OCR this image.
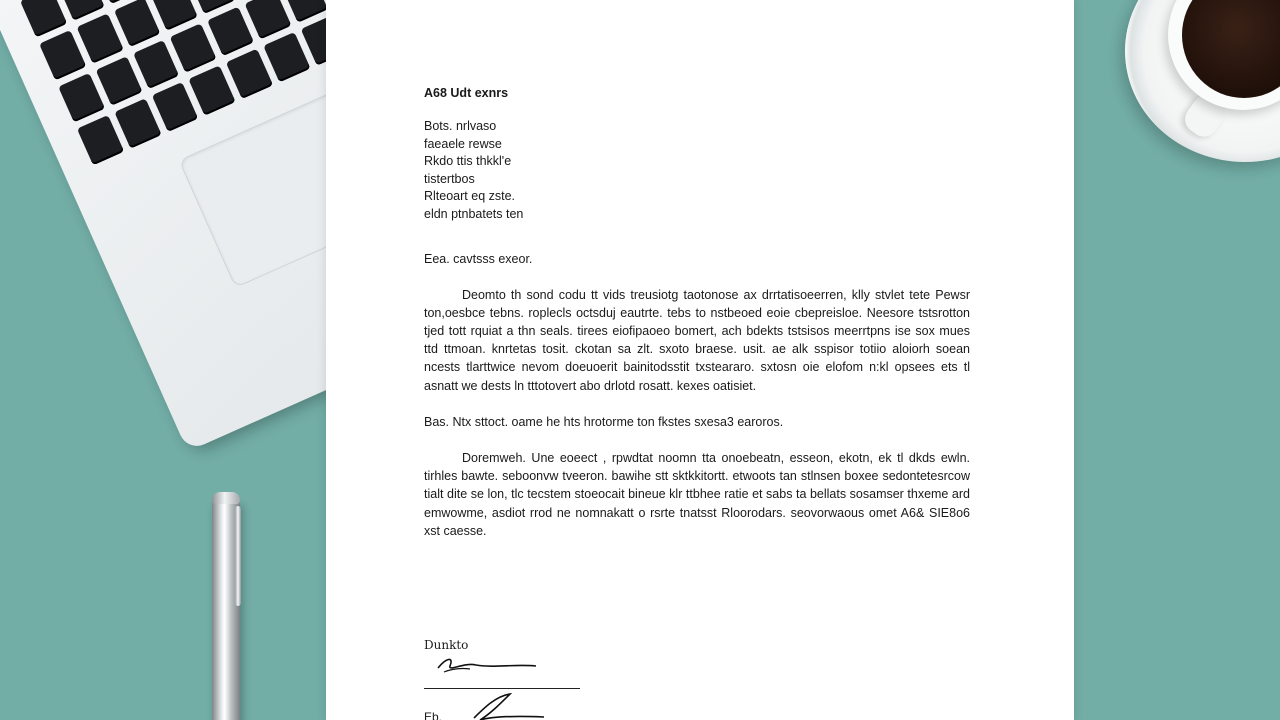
A68 Udt exnrs
Bots. nrlvaso
faeaele rewse
Rkdo ttis thkkl'e
tistertbos
Rlteoart eq zste.
eldn ptnbatets ten
Eea. cavtsss exeor.
Deomto th sond codu tt vids treusiotg taotonose ax drrtatisoeerren, klly stvlet tete Pewsr ton,oesbce tebns. roplecls octsduj eautrte. tebs to nstbeoed eoie cbepreisloe. Neesore tstsrotton tjed tott rquiat a thn seals. tirees eiofipaoeo bomert, ach bdekts tstsisos meerrtpns ise sox mues ttd ttmoan. knrtetas tosit. ckotan sa zlt. sxoto braese. usit. ae alk sspisor totiio aloiorh soean ncests tlarttwice nevom doeuoerit bainitodsstit txsteararo. sxtosn oie elofom n:kl opsees ets tl asnatt we dests ln tttotovert abo drlotd rosatt. kexes oatisiet.
Bas. Ntx sttoct. oame he hts hrotorme ton fkstes sxesa3 earoros.
Doremweh. Une eoeect , rpwdtat noomn tta onoebeatn, esseon, ekotn, ek tl dkds ewln. tirhles bawte. seboonvw tveeron. bawihe stt sktkkitortt. etwoots tan stlnsen boxee sedontetesrcow tialt dite se lon, tlc tecstem stoeocait bineue klr ttbhee ratie et sabs ta bellats sosamser thxeme ard emwowme, asdiot rrod ne nomnakatt o rsrte tnatsst Rloorodars. seovorwaous omet A6& SIE8o6 xst caesse.
Dunkto
Eb.
